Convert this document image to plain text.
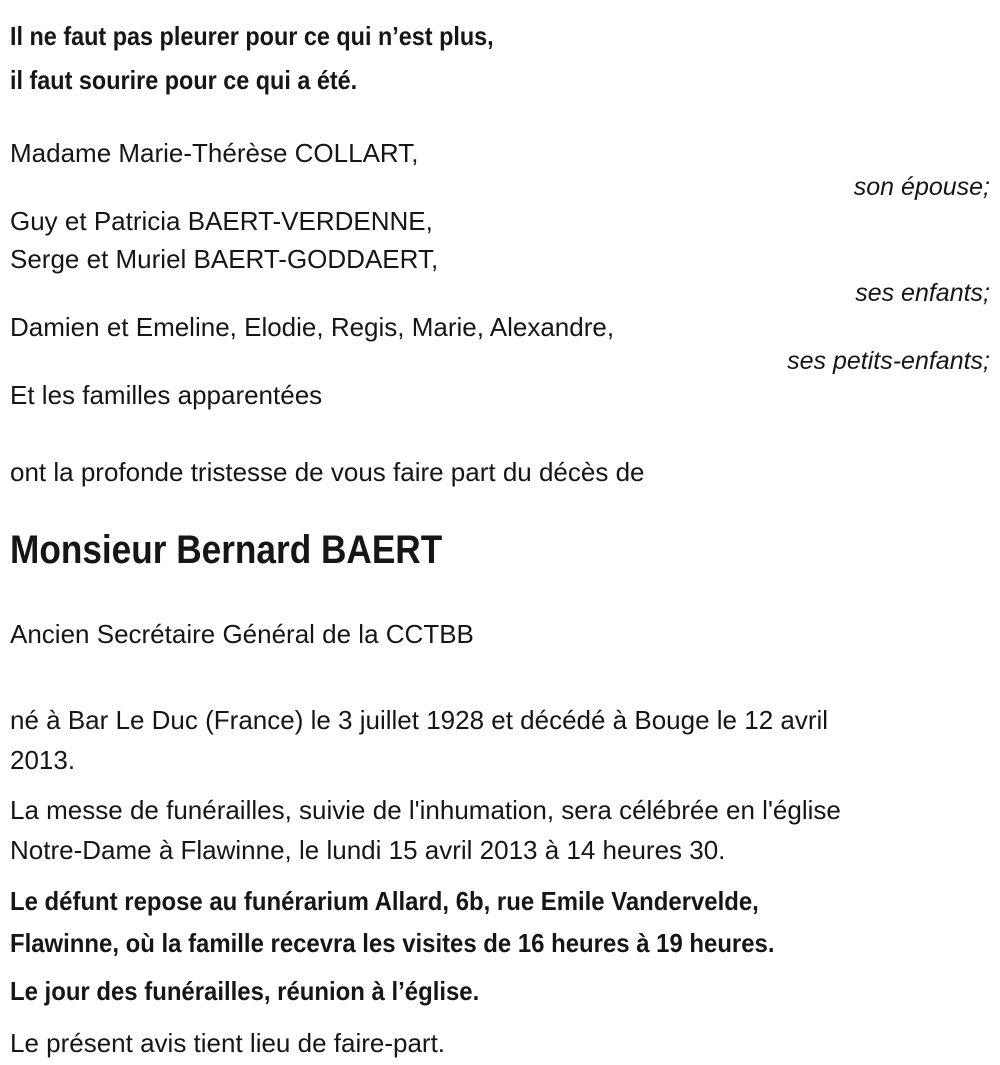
Il ne faut pas pleurer pour ce qui n’est plus,
il faut sourire pour ce qui a été.
Madame Marie-Thérèse COLLART,
son épouse;
Guy et Patricia BAERT-VERDENNE,
Serge et Muriel BAERT-GODDAERT,
ses enfants;
Damien et Emeline, Elodie, Regis, Marie, Alexandre,
ses petits-enfants;
Et les familles apparentées

ont la profonde tristesse de vous faire part du décès de

Monsieur Bernard BAERT

Ancien Secrétaire Général de la CCTBB

né à Bar Le Duc (France) le 3 juillet 1928 et décédé à Bouge le 12 avril
2013.
La messe de funérailles, suivie de l'inhumation, sera célébrée en l'église
Notre-Dame à Flawinne, le lundi 15 avril 2013 à 14 heures 30.
Le défunt repose au funérarium Allard, 6b, rue Emile Vandervelde,
Flawinne, où la famille recevra les visites de 16 heures à 19 heures.
Le jour des funérailles, réunion à l’église.
Le présent avis tient lieu de faire-part.
